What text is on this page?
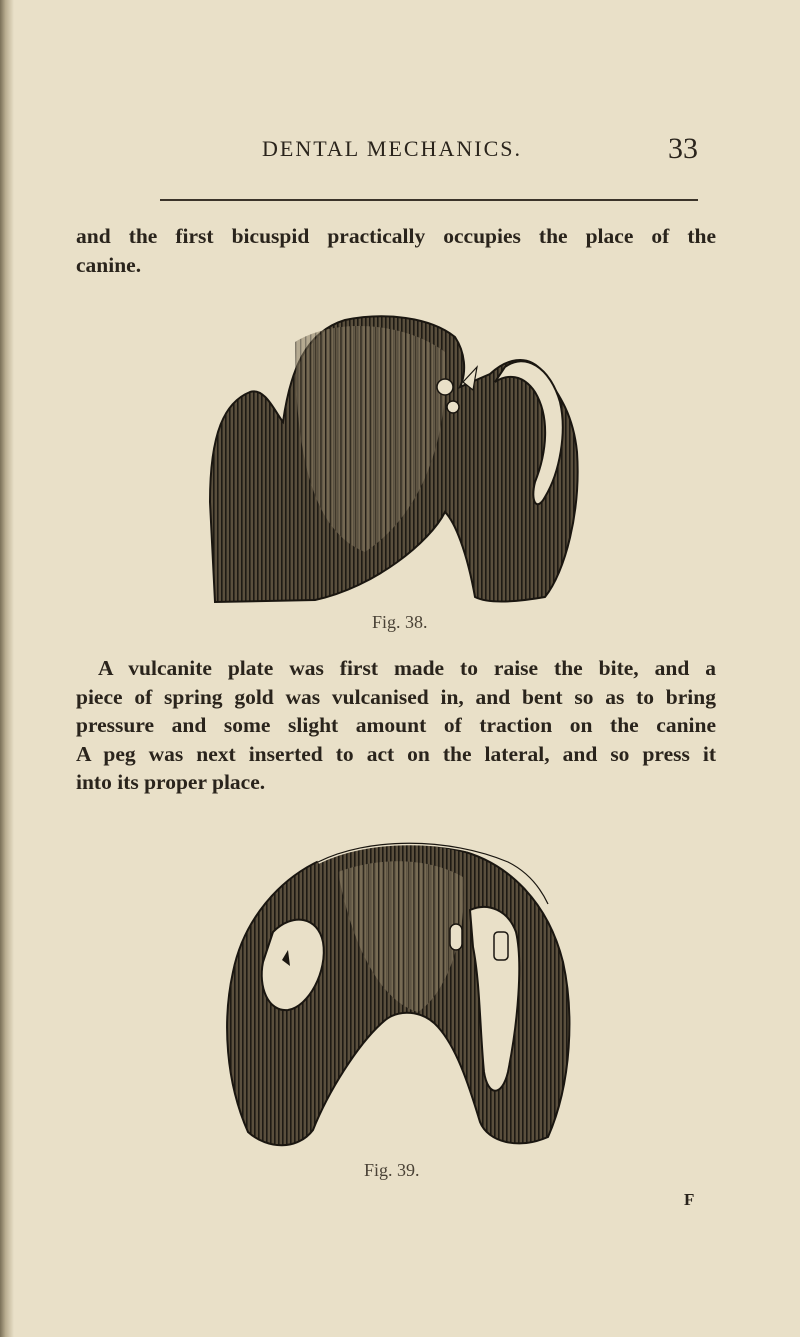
DENTAL MECHANICS.	33
and the first bicuspid practically occupies the place of the
canine.
Fig. 38.
A vulcanite plate was first made to raise the bite, and a
piece of spring gold was vulcanised in, and bent so as to bring
pressure and some slight amount of traction on the canine
A peg was next inserted to act on the lateral, and so press it
into its proper place.
Fig. 39.
F
